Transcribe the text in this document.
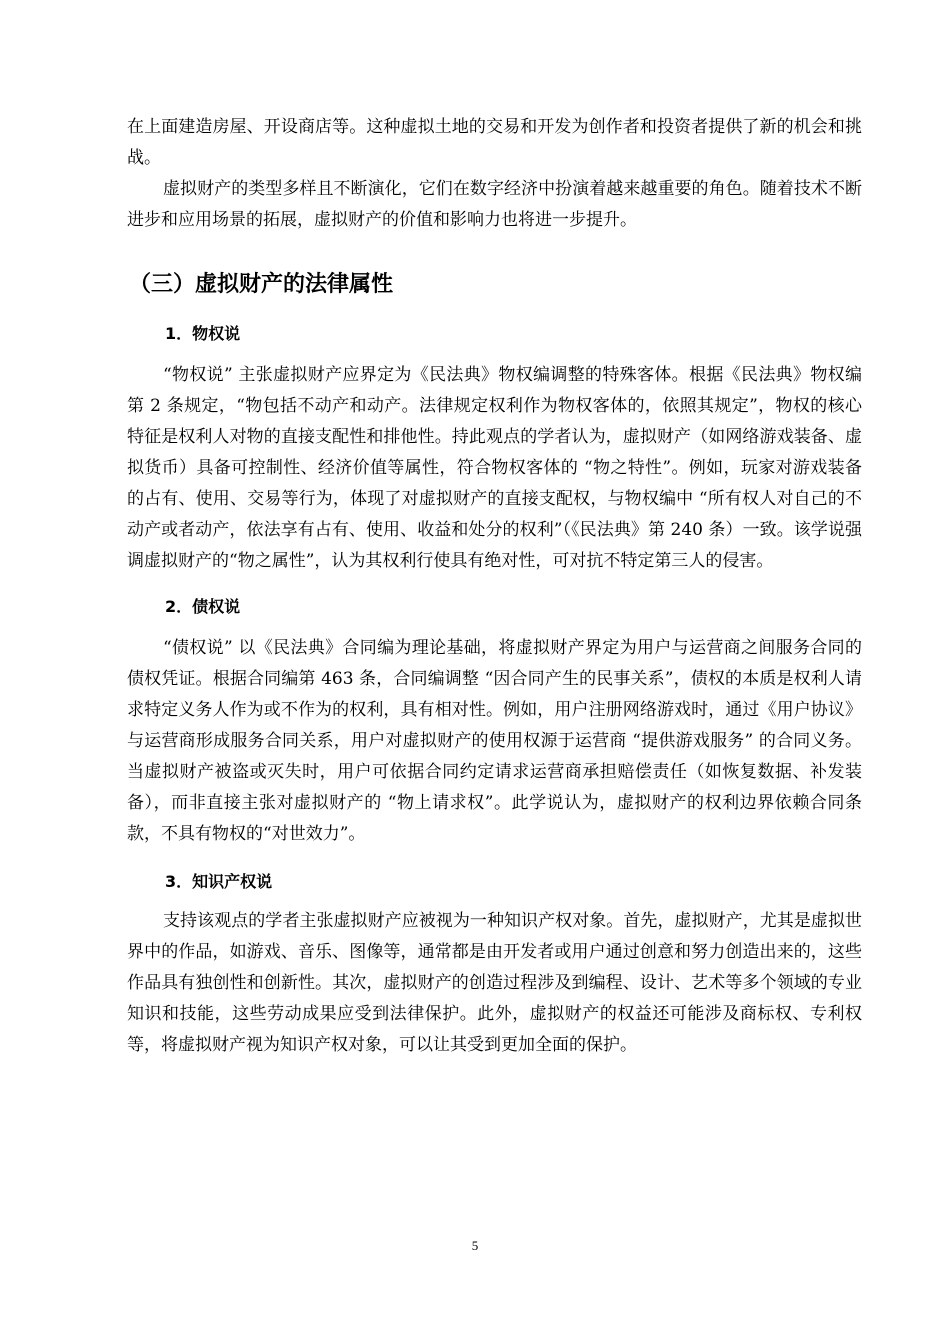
在上面建造房屋、开设商店等。这种虚拟土地的交易和开发为创作者和投资者提供了新的机会和挑战。

虚拟财产的类型多样且不断演化，它们在数字经济中扮演着越来越重要的角色。随着技术不断进步和应用场景的拓展，虚拟财产的价值和影响力也将进一步提升。

（三）虚拟财产的法律属性
1．物权说

“物权说” 主张虚拟财产应界定为《民法典》物权编调整的特殊客体。根据《民法典》物权编第 2 条规定，“物包括不动产和动产。法律规定权利作为物权客体的，依照其规定”，物权的核心特征是权利人对物的直接支配性和排他性。持此观点的学者认为，虚拟财产（如网络游戏装备、虚拟货币）具备可控制性、经济价值等属性，符合物权客体的 “物之特性”。例如，玩家对游戏装备的占有、使用、交易等行为，体现了对虚拟财产的直接支配权，与物权编中 “所有权人对自己的不动产或者动产，依法享有占有、使用、收益和处分的权利”（《民法典》第 240 条）一致。该学说强调虚拟财产的“物之属性”，认为其权利行使具有绝对性，可对抗不特定第三人的侵害。

2．债权说

“债权说” 以《民法典》合同编为理论基础，将虚拟财产界定为用户与运营商之间服务合同的债权凭证。根据合同编第 463 条，合同编调整 “因合同产生的民事关系”，债权的本质是权利人请求特定义务人作为或不作为的权利，具有相对性。例如，用户注册网络游戏时，通过《用户协议》与运营商形成服务合同关系，用户对虚拟财产的使用权源于运营商 “提供游戏服务” 的合同义务。当虚拟财产被盗或灭失时，用户可依据合同约定请求运营商承担赔偿责任（如恢复数据、补发装备），而非直接主张对虚拟财产的 “物上请求权”。此学说认为，虚拟财产的权利边界依赖合同条款，不具有物权的“对世效力”。

3．知识产权说

支持该观点的学者主张虚拟财产应被视为一种知识产权对象。首先，虚拟财产，尤其是虚拟世界中的作品，如游戏、音乐、图像等，通常都是由开发者或用户通过创意和努力创造出来的，这些作品具有独创性和创新性。其次，虚拟财产的创造过程涉及到编程、设计、艺术等多个领域的专业知识和技能，这些劳动成果应受到法律保护。此外，虚拟财产的权益还可能涉及商标权、专利权等，将虚拟财产视为知识产权对象，可以让其受到更加全面的保护。

5
